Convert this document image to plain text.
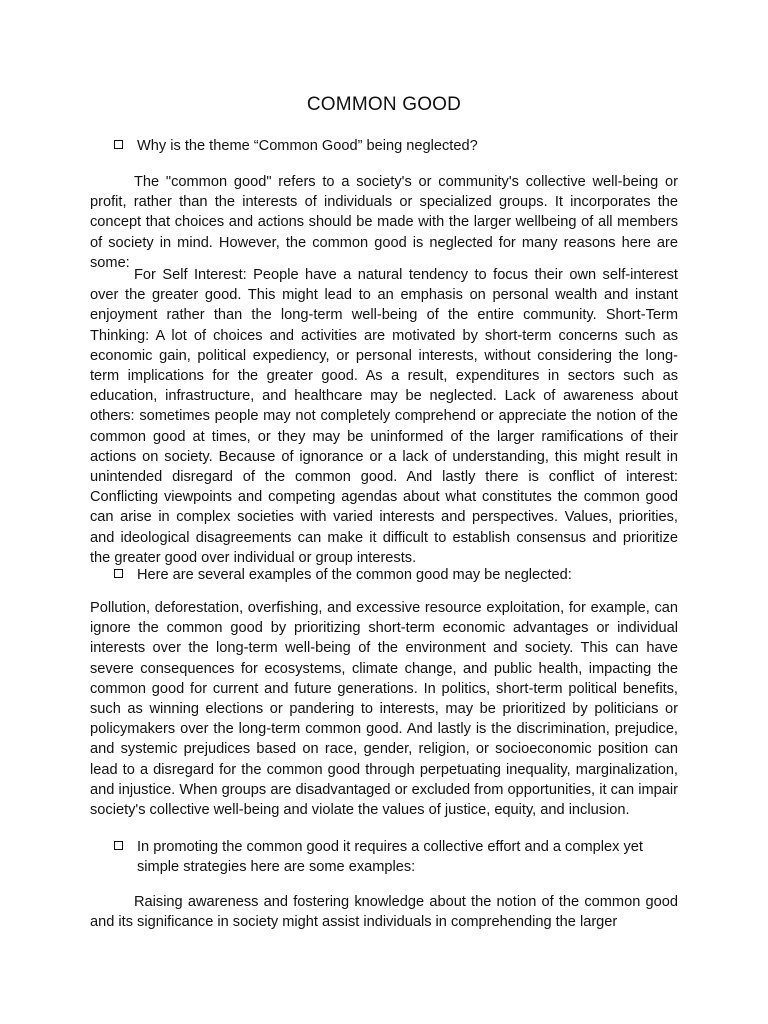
COMMON GOOD
Why is the theme “Common Good” being neglected?

The "common good" refers to a society's or community's collective well-being or profit, rather than the interests of individuals or specialized groups. It incorporates the concept that choices and actions should be made with the larger wellbeing of all members of society in mind. However, the common good is neglected for many reasons here are some:

For Self Interest: People have a natural tendency to focus their own self-interest over the greater good. This might lead to an emphasis on personal wealth and instant enjoyment rather than the long-term well-being of the entire community. Short-Term Thinking: A lot of choices and activities are motivated by short-term concerns such as economic gain, political expediency, or personal interests, without considering the long-term implications for the greater good. As a result, expenditures in sectors such as education, infrastructure, and healthcare may be neglected. Lack of awareness about others: sometimes people may not completely comprehend or appreciate the notion of the common good at times, or they may be uninformed of the larger ramifications of their actions on society. Because of ignorance or a lack of understanding, this might result in unintended disregard of the common good. And lastly there is conflict of interest: Conflicting viewpoints and competing agendas about what constitutes the common good can arise in complex societies with varied interests and perspectives. Values, priorities, and ideological disagreements can make it difficult to establish consensus and prioritize the greater good over individual or group interests.

Here are several examples of the common good may be neglected:

Pollution, deforestation, overfishing, and excessive resource exploitation, for example, can ignore the common good by prioritizing short-term economic advantages or individual interests over the long-term well-being of the environment and society. This can have severe consequences for ecosystems, climate change, and public health, impacting the common good for current and future generations. In politics, short-term political benefits, such as winning elections or pandering to interests, may be prioritized by politicians or policymakers over the long-term common good. And lastly is the discrimination, prejudice, and systemic prejudices based on race, gender, religion, or socioeconomic position can lead to a disregard for the common good through perpetuating inequality, marginalization, and injustice. When groups are disadvantaged or excluded from opportunities, it can impair society's collective well-being and violate the values of justice, equity, and inclusion.

In promoting the common good it requires a collective effort and a complex yet simple strategies here are some examples:

Raising awareness and fostering knowledge about the notion of the common good and its significance in society might assist individuals in comprehending the larger
